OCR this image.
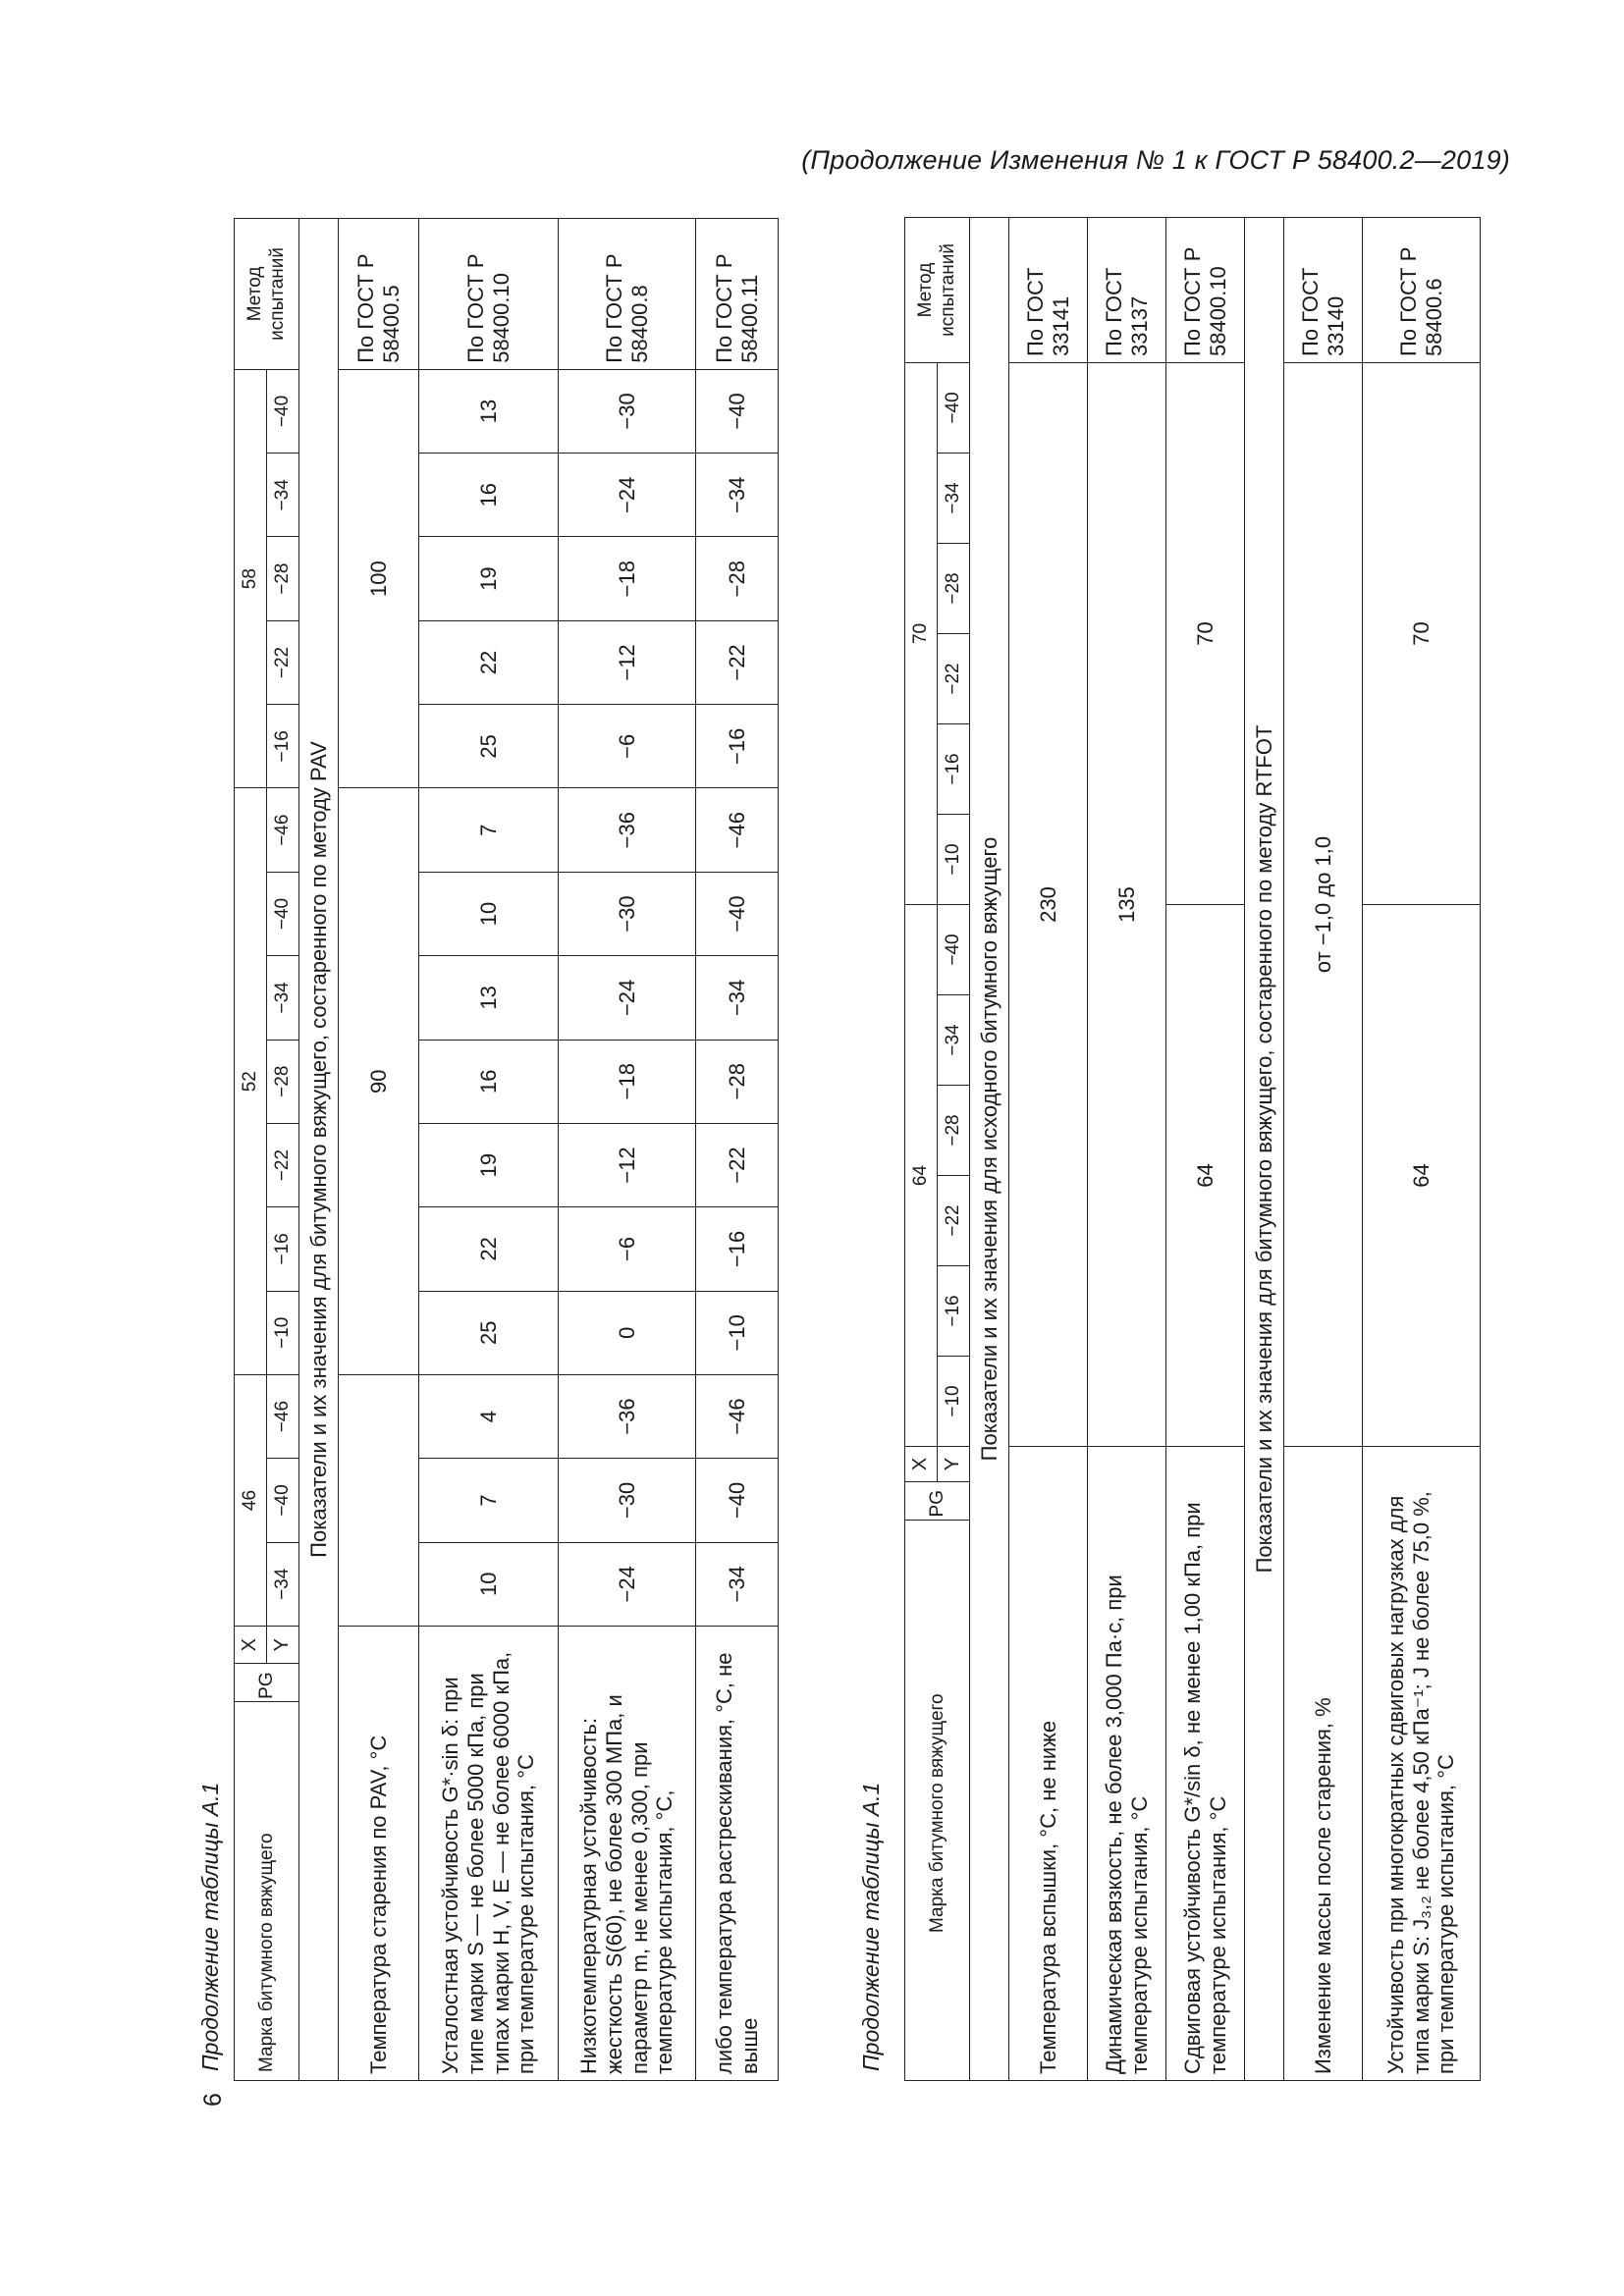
(Продолжение Изменения № 1 к ГОСТ Р 58400.2—2019)
6
Продолжение таблицы А.1 Марка битумного вяжущего
PG	X	46			52							58					Метод испытаний
	Y	−34	−40	−46	−10	−16	−22	−28	−34	−40	−46	−16	−22	−28	−34	−40	
Показатели и их значения для битумного вяжущего, состаренного по методу PAV																	
Температура старения по PAV, °C					90							100					По ГОСТ Р 58400.5
Усталостная устойчивость G*·sin δ: при типе марки S — не более 5000 кПа, при типах марки H, V, E — не более 6000 кПа, при температуре испытания, °C		10	7	4	25	22	19	16	13	10	7	25	22	19	16	13	По ГОСТ Р 58400.10
Низкотемпературная устойчивость: жесткость S(60), не более 300 МПа, и параметр m, не менее 0,300, при температуре испытания, °C,		−24	−30	−36	0	−6	−12	−18	−24	−30	−36	−6	−12	−18	−24	−30	По ГОСТ Р 58400.8
либо температура растрескивания, °C, не выше		−34	−40	−46	−10	−16	−22	−28	−34	−40	−46	−16	−22	−28	−34	−40	По ГОСТ Р 58400.11
Продолжение таблицы А.1 Марка битумного вяжущего
PG	X	64						70						Метод испытаний
	Y	−10	−16	−22	−28	−34	−40	−10	−16	−22	−28	−34	−40	
Показатели и их значения для исходного битумного вяжущего														
Температура вспышки, °C, не ниже		230												По ГОСТ 33141
Динамическая вязкость, не более 3,000 Па·с, при температуре испытания, °C		135												По ГОСТ 33137
Сдвиговая устойчивость G*/sin δ, не менее 1,00 кПа, при температуре испытания, °C		64						70						По ГОСТ Р 58400.10
Показатели и их значения для битумного вяжущего, состаренного по методу RTFOT														
Изменение массы после старения, %		от −1,0 до 1,0												По ГОСТ 33140
Устойчивость при многократных сдвиговых нагрузках для типа марки S: J₃,₂ не более 4,50 кПа⁻¹; J не более 75,0 %, при температуре испытания, °C		64						70						По ГОСТ Р 58400.6
